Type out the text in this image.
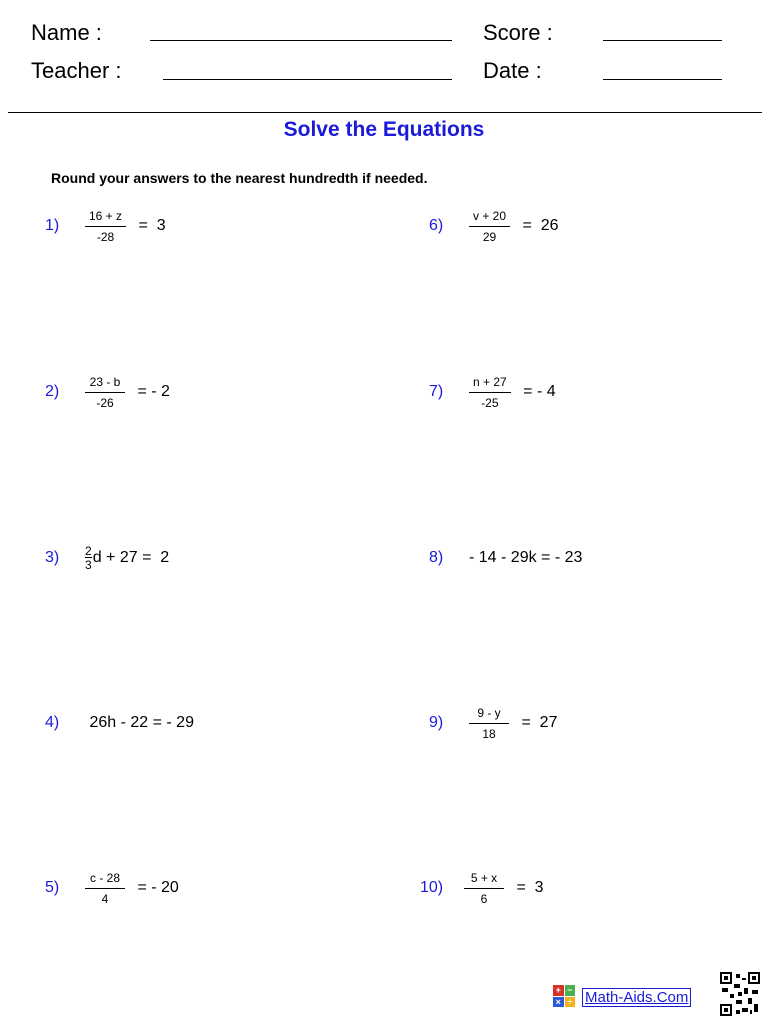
Name :	Score :
Teacher :	Date :
Solve the Equations
Round your answers to the nearest hundredth if needed.
1)	$\frac{16 + z}{-28} = 3$
2)	$\frac{23 - b}{-26}$ = - 2
3)	$\frac{2}{3}$ d + 27 =  2
4)	26h - 22 = - 29
5)	$\frac{c - 28}{4}$ = - 20
6)	$\frac{v + 20}{29} = 26$
7)	$\frac{n + 27}{-25}$ = - 4
8)	- 14 - 29k = - 23
9)	$\frac{9 - y}{18} = 27$
10)	$\frac{5 + x}{6} = 3$
+ −
× ÷ Math-Aids.Com
